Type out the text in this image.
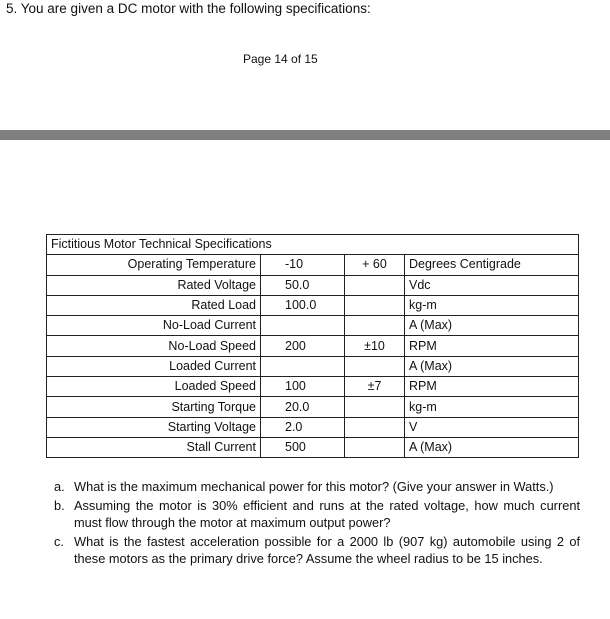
5. You are given a DC motor with the following specifications:
Page 14 of 15
Fictitious Motor Technical Specifications			
Operating Temperature	-10	+ 60	Degrees Centigrade
Rated Voltage	50.0		Vdc
Rated Load	100.0		kg-m
No-Load Current			A (Max)
No-Load Speed	200	±10	RPM
Loaded Current			A (Max)
Loaded Speed	100	±7	RPM
Starting Torque	20.0		kg-m
Starting Voltage	2.0		V
Stall Current	500		A (Max)
a. What is the maximum mechanical power for this motor? (Give your answer in Watts.)
b. Assuming the motor is 30% efficient and runs at the rated voltage, how much current must flow through the motor at maximum output power?
c. What is the fastest acceleration possible for a 2000 lb (907 kg) automobile using 2 of these motors as the primary drive force? Assume the wheel radius to be 15 inches.
